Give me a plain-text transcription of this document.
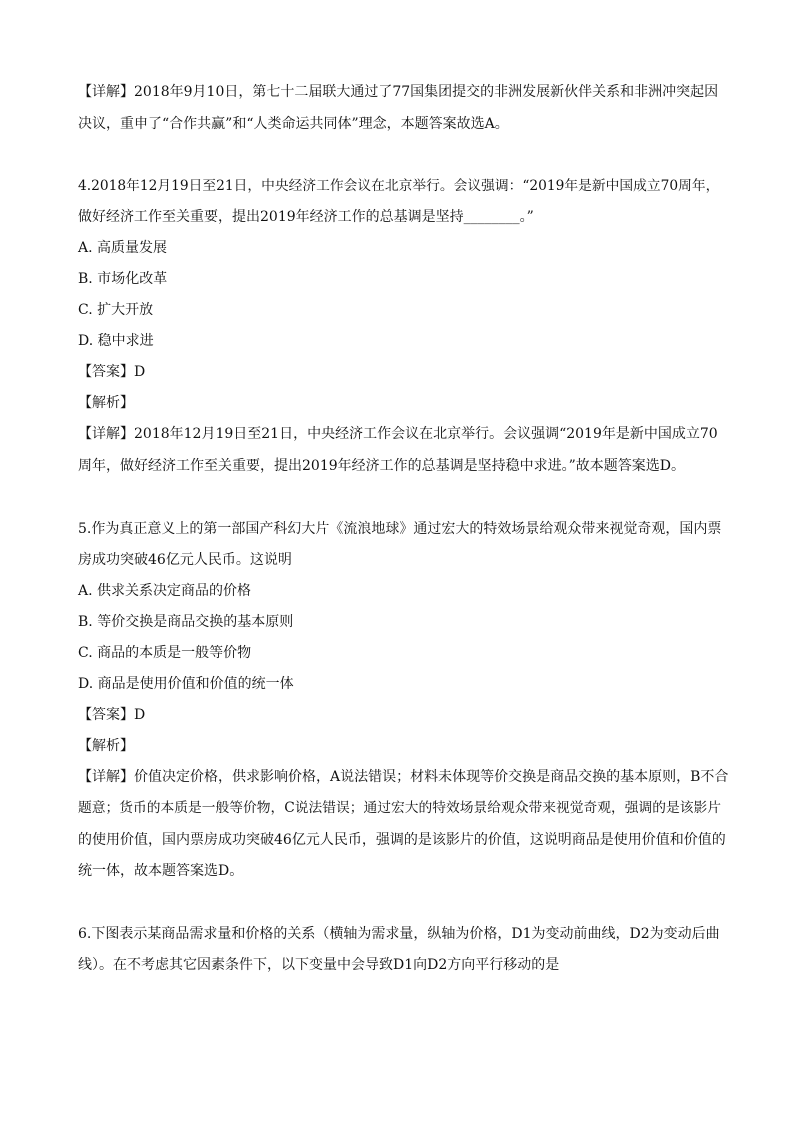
【详解】2018年9月10日，第七十二届联大通过了77国集团提交的非洲发展新伙伴关系和非洲冲突起因
决议，重申了“合作共赢”和“人类命运共同体”理念，本题答案故选A。
4.2018年12月19日至21日，中央经济工作会议在北京举行。会议强调：“2019年是新中国成立70周年，
做好经济工作至关重要，提出2019年经济工作的总基调是坚持________。”
A. 高质量发展
B. 市场化改革
C. 扩大开放
D. 稳中求进
【答案】D
【解析】
【详解】2018年12月19日至21日，中央经济工作会议在北京举行。会议强调“2019年是新中国成立70
周年，做好经济工作至关重要，提出2019年经济工作的总基调是坚持稳中求进。”故本题答案选D。
5.作为真正意义上的第一部国产科幻大片《流浪地球》通过宏大的特效场景给观众带来视觉奇观，国内票
房成功突破46亿元人民币。这说明
A. 供求关系决定商品的价格
B. 等价交换是商品交换的基本原则
C. 商品的本质是一般等价物
D. 商品是使用价值和价值的统一体
【答案】D
【解析】
【详解】价值决定价格，供求影响价格，A说法错误；材料未体现等价交换是商品交换的基本原则，B不合
题意；货币的本质是一般等价物，C说法错误；通过宏大的特效场景给观众带来视觉奇观，强调的是该影片
的使用价值，国内票房成功突破46亿元人民币，强调的是该影片的价值，这说明商品是使用价值和价值的
统一体，故本题答案选D。
6.下图表示某商品需求量和价格的关系（横轴为需求量，纵轴为价格，D1为变动前曲线，D2为变动后曲
线）。在不考虑其它因素条件下，以下变量中会导致D1向D2方向平行移动的是
